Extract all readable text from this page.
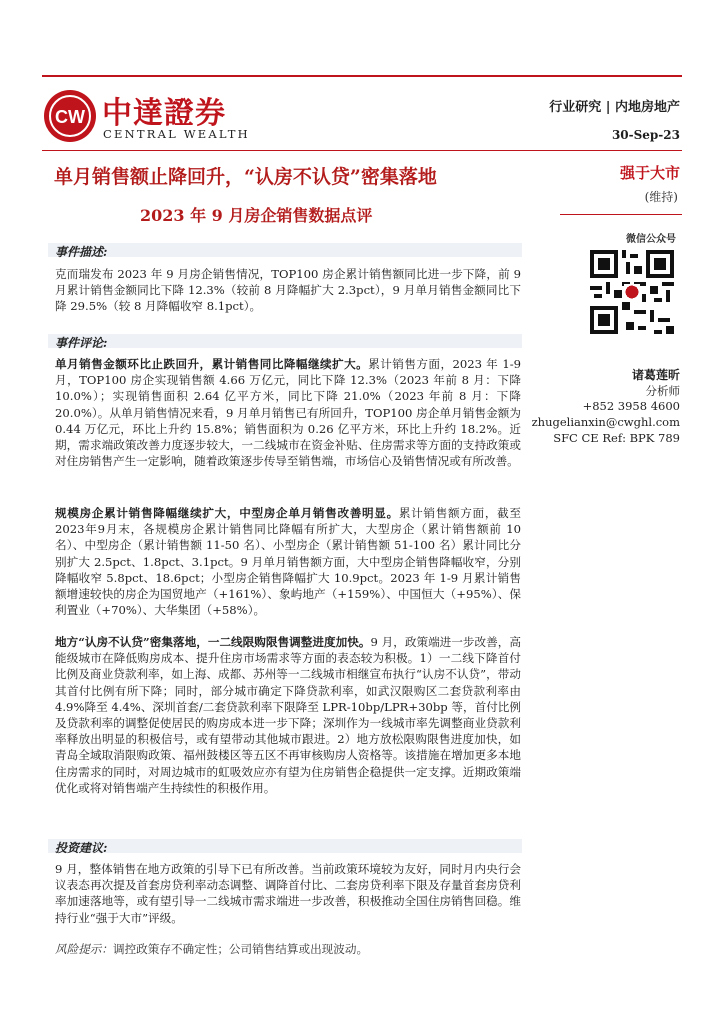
CW 中達證券
CENTRAL WEALTH
行业研究 | 内地房地产
30-Sep-23
单月销售额止降回升，“认房不认贷”密集落地
2023 年 9 月房企销售数据点评
强于大市
(维持)
微信公众号
诸葛莲昕
分析师
+852 3958 4600
zhugelianxin@cwghl.com
SFC CE Ref: BPK 789
事件描述:
克而瑞发布 2023 年 9 月房企销售情况，TOP100 房企累计销售额同比进一步下降，前 9 月累计销售金额同比下降 12.3%（较前 8 月降幅扩大 2.3pct），9 月单月销售金额同比下降 29.5%（较 8 月降幅收窄 8.1pct）。
事件评论:
单月销售金额环比止跌回升，累计销售同比降幅继续扩大。累计销售方面，2023 年 1-9 月，TOP100 房企实现销售额 4.66 万亿元，同比下降 12.3%（2023 年前 8 月：下降 10.0%）；实现销售面积 2.64 亿平方米，同比下降 21.0%（2023 年前 8 月：下降 20.0%）。从单月销售情况来看，9 月单月销售已有所回升，TOP100 房企单月销售金额为 0.44 万亿元，环比上升约 15.8%；销售面积为 0.26 亿平方米，环比上升约 18.2%。近期，需求端政策改善力度逐步较大，一二线城市在资金补贴、住房需求等方面的支持政策或对住房销售产生一定影响，随着政策逐步传导至销售端，市场信心及销售情况或有所改善。
规模房企累计销售降幅继续扩大，中型房企单月销售改善明显。累计销售额方面，截至2023年9月末，各规模房企累计销售同比降幅有所扩大，大型房企（累计销售额前 10 名）、中型房企（累计销售额 11-50 名）、小型房企（累计销售额 51-100 名）累计同比分别扩大 2.5pct、1.8pct、3.1pct。9 月单月销售额方面，大中型房企销售降幅收窄，分别降幅收窄 5.8pct、18.6pct；小型房企销售降幅扩大 10.9pct。2023 年 1-9 月累计销售额增速较快的房企为国贸地产（+161%）、象屿地产（+159%）、中国恒大（+95%）、保利置业（+70%）、大华集团（+58%）。
地方“认房不认贷”密集落地，一二线限购限售调整进度加快。9 月，政策端进一步改善，高能级城市在降低购房成本、提升住房市场需求等方面的表态较为积极。1）一二线下降首付比例及商业贷款利率，如上海、成都、苏州等一二线城市相继宣布执行“认房不认贷”，带动其首付比例有所下降；同时，部分城市确定下降贷款利率，如武汉限购区二套贷款利率由 4.9%降至 4.4%、深圳首套/二套贷款利率下限降至 LPR-10bp/LPR+30bp 等，首付比例及贷款利率的调整促使居民的购房成本进一步下降；深圳作为一线城市率先调整商业贷款利率释放出明显的积极信号，或有望带动其他城市跟进。2）地方放松限购限售进度加快，如青岛全域取消限购政策、福州鼓楼区等五区不再审核购房人资格等。该措施在增加更多本地住房需求的同时，对周边城市的虹吸效应亦有望为住房销售企稳提供一定支撑。近期政策端优化或将对销售端产生持续性的积极作用。
投资建议:
9 月，整体销售在地方政策的引导下已有所改善。当前政策环境较为友好，同时月内央行会议表态再次提及首套房贷利率动态调整、调降首付比、二套房贷利率下限及存量首套房贷利率加速落地等，或有望引导一二线城市需求端进一步改善，积极推动全国住房销售回稳。维持行业“强于大市”评级。
风险提示：调控政策存不确定性；公司销售结算或出现波动。
